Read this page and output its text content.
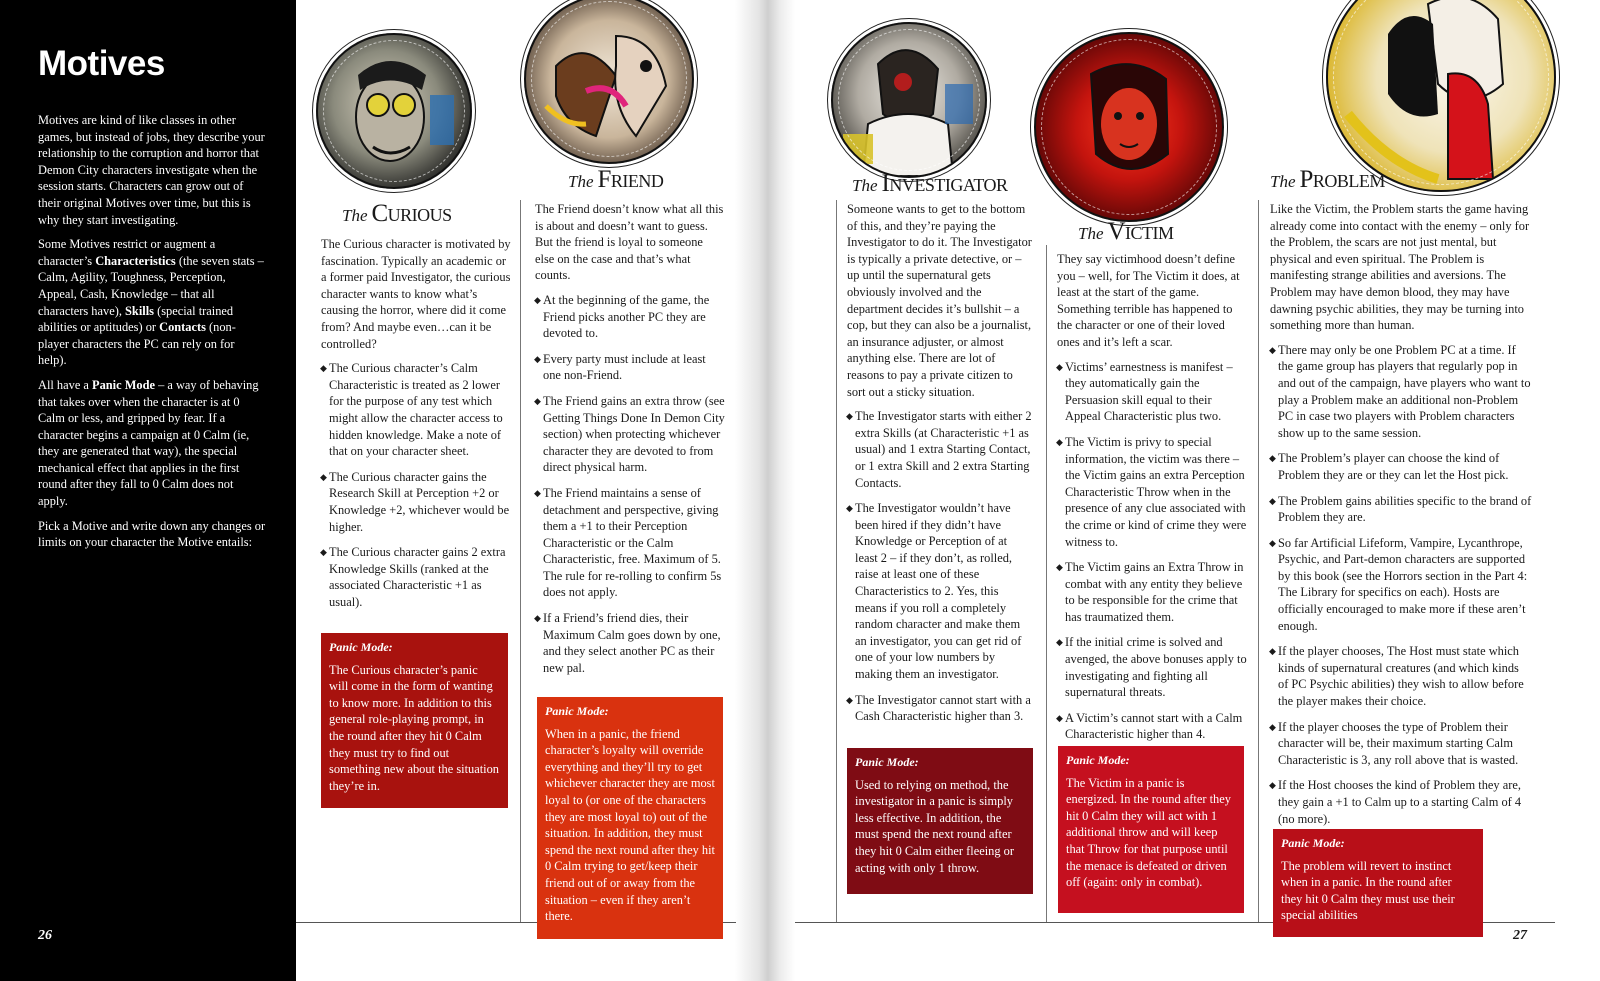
Motives

Motives are kind of like classes in other games, but instead of jobs, they describe your relationship to the corruption and horror that Demon City characters investigate when the session starts. Characters can grow out of their original Motives over time, but this is why they start investigating.

Some Motives restrict or augment a character’s Characteristics (the seven stats – Calm, Agility, Toughness, Perception, Appeal, Cash, Knowledge – that all characters have), Skills (special trained abilities or aptitudes) or Contacts (non-player characters the PC can rely on for help).

All have a Panic Mode – a way of behaving that takes over when the character is at 0 Calm or less, and gripped by fear. If a character begins a campaign at 0 Calm (ie, they are generated that way), the special mechanical effect that applies in the first round after they fall to 0 Calm does not apply.

Pick a Motive and write down any changes or limits on your character the Motive entails:

26	27
The Curious
The Friend	The Investigator
The Victim
The Problem

The Curious character is motivated by fascination. Typically an academic or a former paid Investigator, the curious character wants to know what’s causing the horror, where did it come from? And maybe even…can it be controlled?

◆ The Curious character’s Calm Characteristic is treated as 2 lower for the purpose of any test which might allow the character access to hidden knowledge. Make a note of that on your character sheet.
◆ The Curious character gains the Research Skill at Perception +2 or Knowledge +2, whichever would be higher.
◆ The Curious character gains 2 extra Knowledge Skills (ranked at the associated Characteristic +1 as usual).
Panic Mode:

The Curious character’s panic will come in the form of wanting to know more. In addition to this general role-playing prompt, in the round after they hit 0 Calm they must try to find out something new about the situation they’re in.

The Friend doesn’t know what all this is about and doesn’t want to guess. But the friend is loyal to someone else on the case and that’s what counts.

◆ At the beginning of the game, the Friend picks another PC they are devoted to.
◆ Every party must include at least one non-Friend.
◆ The Friend gains an extra throw (see Getting Things Done In Demon City section) when protecting whichever character they are devoted to from direct physical harm.
◆ The Friend maintains a sense of detachment and perspective, giving them a +1 to their Perception Characteristic or the Calm Characteristic, free. Maximum of 5. The rule for re-rolling to confirm 5s does not apply.
◆ If a Friend’s friend dies, their Maximum Calm goes down by one, and they select another PC as their new pal.
Panic Mode:

When in a panic, the friend character’s loyalty will override everything and they’ll try to get whichever character they are most loyal to (or one of the characters they are most loyal to) out of the situation. In addition, they must spend the next round after they hit 0 Calm trying to get/keep their friend out of or away from the situation – even if they aren’t there.

Someone wants to get to the bottom of this, and they’re paying the Investigator to do it. The Investigator is typically a private detective, or – up until the supernatural gets obviously involved and the department decides it’s bullshit – a cop, but they can also be a journalist, an insurance adjuster, or almost anything else. There are lot of reasons to pay a private citizen to sort out a sticky situation.

◆ The Investigator starts with either 2 extra Skills (at Characteristic +1 as usual) and 1 extra Starting Contact, or 1 extra Skill and 2 extra Starting Contacts.
◆ The Investigator wouldn’t have been hired if they didn’t have Knowledge or Perception of at least 2 – if they don’t, as rolled, raise at least one of these Characteristics to 2. Yes, this means if you roll a completely random character and make them an investigator, you can get rid of one of your low numbers by making them an investigator.
◆ The Investigator cannot start with a Cash Characteristic higher than 3.
Panic Mode:

Used to relying on method, the investigator in a panic is simply less effective. In addition, the must spend the next round after they hit 0 Calm either fleeing or acting with only 1 throw.

They say victimhood doesn’t define you – well, for The Victim it does, at least at the start of the game. Something terrible has happened to the character or one of their loved ones and it’s left a scar.

◆ Victims’ earnestness is manifest – they automatically gain the Persuasion skill equal to their Appeal Characteristic plus two.
◆ The Victim is privy to special information, the victim was there – the Victim gains an extra Perception Characteristic Throw when in the presence of any clue associated with the crime or kind of crime they were witness to.
◆ The Victim gains an Extra Throw in combat with any entity they believe to be responsible for the crime that has traumatized them.
◆ If the initial crime is solved and avenged, the above bonuses apply to investigating and fighting all supernatural threats.
◆ A Victim’s cannot start with a Calm Characteristic higher than 4.
Panic Mode:

The Victim in a panic is energized. In the round after they hit 0 Calm they will act with 1 additional throw and will keep that Throw for that purpose until the menace is defeated or driven off (again: only in combat).

Like the Victim, the Problem starts the game having already come into contact with the enemy – only for the Problem, the scars are not just mental, but physical and even spiritual. The Problem is manifesting strange abilities and aversions. The Problem may have demon blood, they may have dawning psychic abilities, they may be turning into something more than human.

◆ There may only be one Problem PC at a time. If the game group has players that regularly pop in and out of the campaign, have players who want to play a Problem make an additional non-Problem PC in case two players with Problem characters show up to the same session.
◆ The Problem’s player can choose the kind of Problem they are or they can let the Host pick.
◆ The Problem gains abilities specific to the brand of Problem they are.
◆ So far Artificial Lifeform, Vampire, Lycanthrope, Psychic, and Part-demon characters are supported by this book (see the Horrors section in the Part 4: The Library for specifics on each). Hosts are officially encouraged to make more if these aren’t enough.
◆ If the player chooses, The Host must state which kinds of supernatural creatures (and which kinds of PC Psychic abilities) they wish to allow before the player makes their choice.
◆ If the player chooses the type of Problem their character will be, their maximum starting Calm Characteristic is 3, any roll above that is wasted.
◆ If the Host chooses the kind of Problem they are, they gain a +1 to Calm up to a starting Calm of 4 (no more).
Panic Mode:

The problem will revert to instinct when in a panic. In the round after they hit 0 Calm they must use their special abilities
